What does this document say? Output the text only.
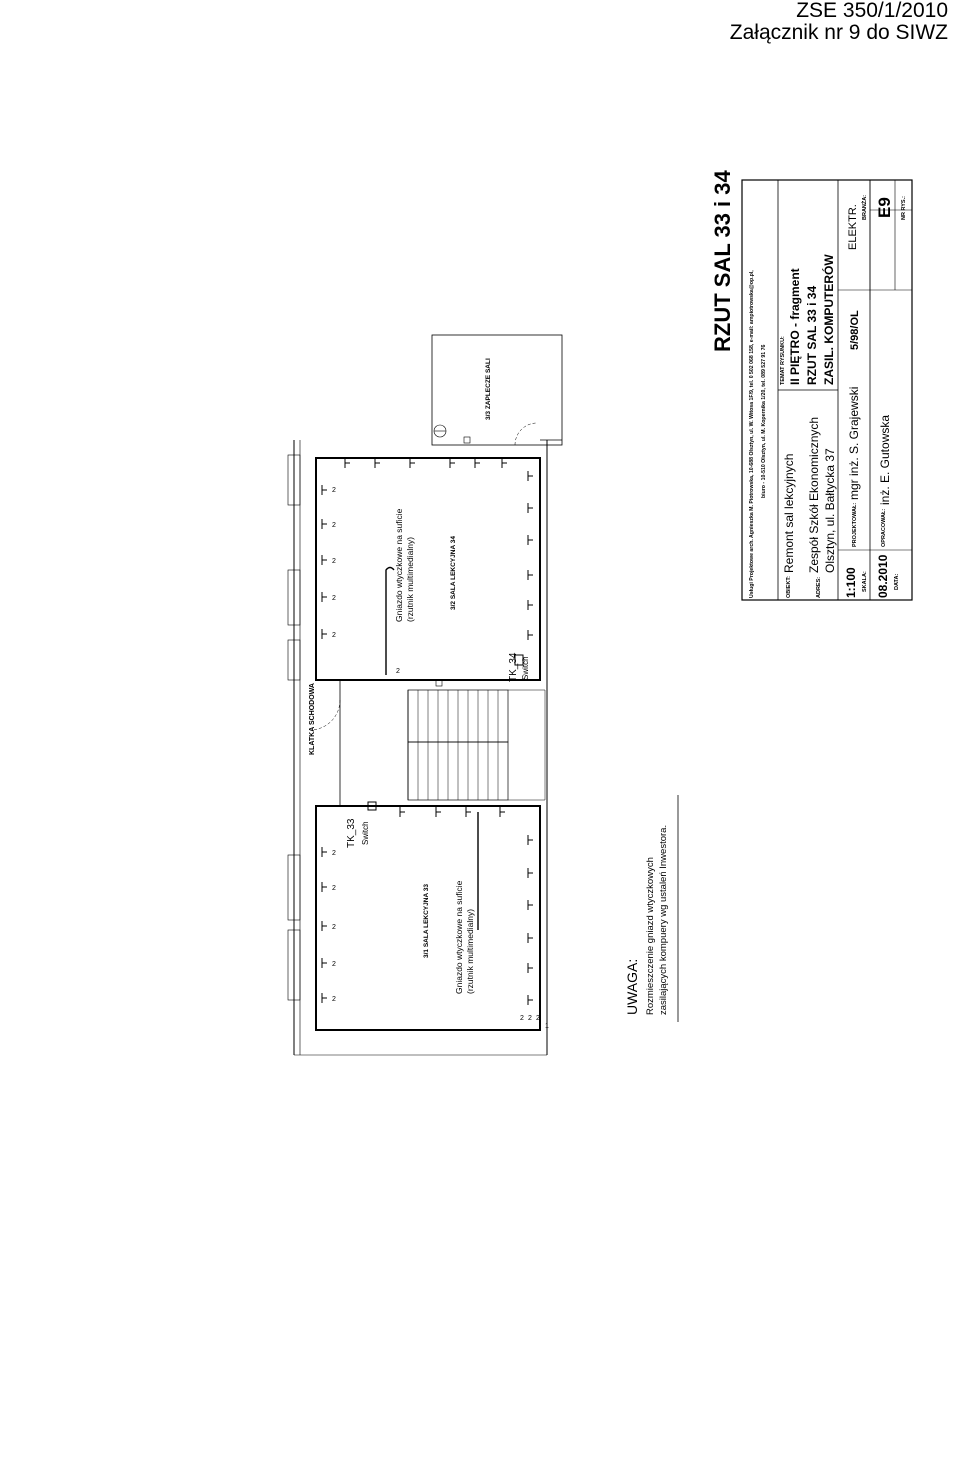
ZSE 350/1/2010
Załącznik nr 9 do SIWZ
KLATKA SCHODOWA
3/2 SALA LEKCYJNA 34
3/1 SALA LEKCYJNA 33
3/3 ZAPLECZE SALI
TK_33 Switch
TK_34 Switch
Gniazdo wtyczkowe na suficie (rzutnik multimedialny)
Gniazdo wtyczkowe na suficie (rzutnik multimedialny)
2
2
2
2
2
2
2
2
2
2
2
2 2 2
1
UWAGA: Rozmieszczenie gniazd wtyczkowych zasilających kompuery wg ustaleń Inwestora.
RZUT SAL 33 i 34
Usługi Projektowe arch. Agnieszka M. Piotrowska, 10-688 Olsztyn, ul. W. Witosa 1F/9, tel. 0 502 068 158, e-mail: ampiotrowska@op.pl, biuro - 10-510 Olsztyn, ul. M. Kopernika 1/20, tel. 089 527 91 76
OBIEKT:
Remont sal lekcyjnych
ADRES:
Zespół Szkół Ekonomicznych Olsztyn, ul. Bałtycka 37
TEMAT RYSUNKU: II PIĘTRO - fragment RZUT SAL 33 i 34 ZASIL. KOMPUTERÓW
1:100 SKALA:
PROJEKTOWAŁ:
mgr inż. S. Grajewski
5/98/OL
ELEKTR. BRANŻA:
08.2010 DATA:
OPRACOWAŁ:
inż. E. Gutowska
E9 NR RYS.:
